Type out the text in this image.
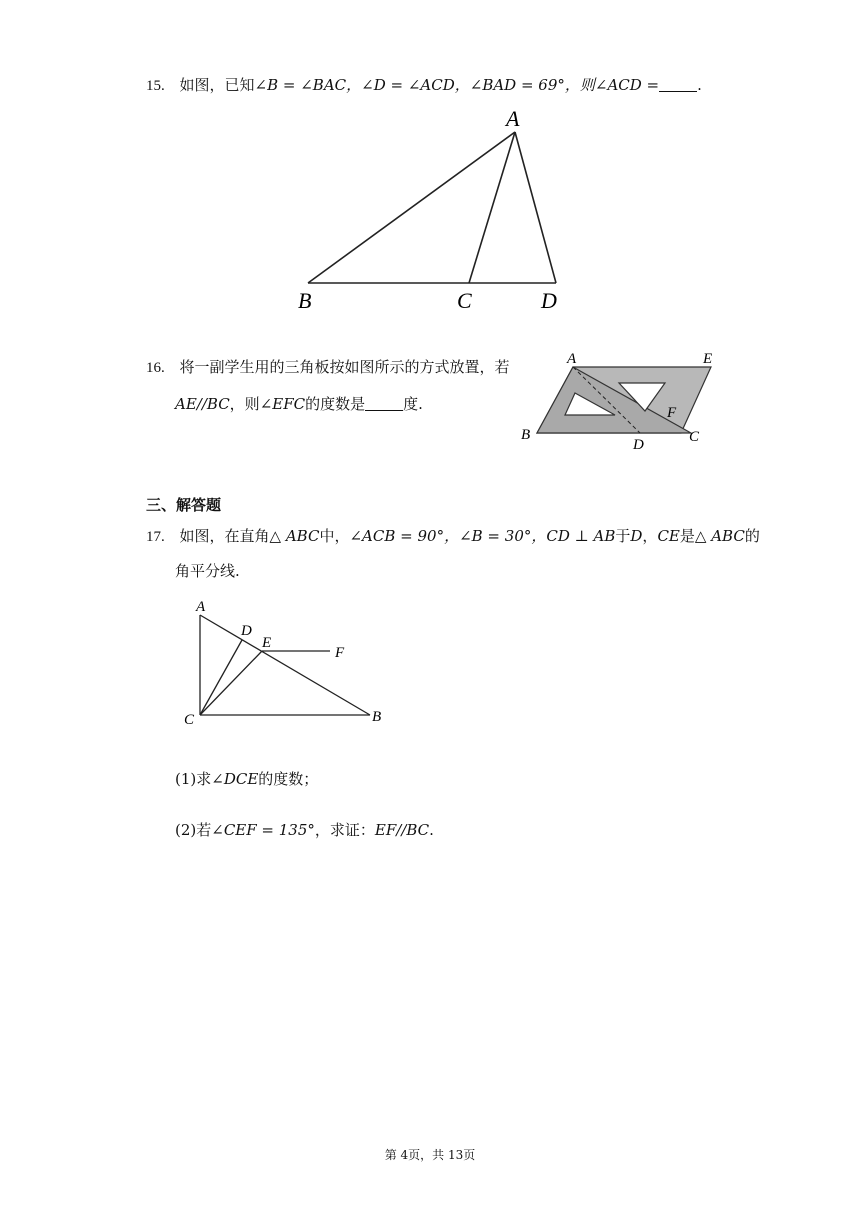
15. 如图，已知∠B = ∠BAC，∠D = ∠ACD，∠BAD = 69°，则∠ACD =	.
A
B	C	D
16. 将一副学生用的三角板按如图所示的方式放置，若
AE//BC，则∠EFC的度数是	度.
A	E
F
B
D	C
三、解答题
17. 如图，在直角△ ABC中，∠ACB = 90°，∠B = 30°，CD ⊥ AB于D，CE是△ ABC的
角平分线.
A
D
E
F
C	B
(1)求∠DCE的度数；
(2)若∠CEF = 135°，求证：EF//BC.
第 4页，共 13页
